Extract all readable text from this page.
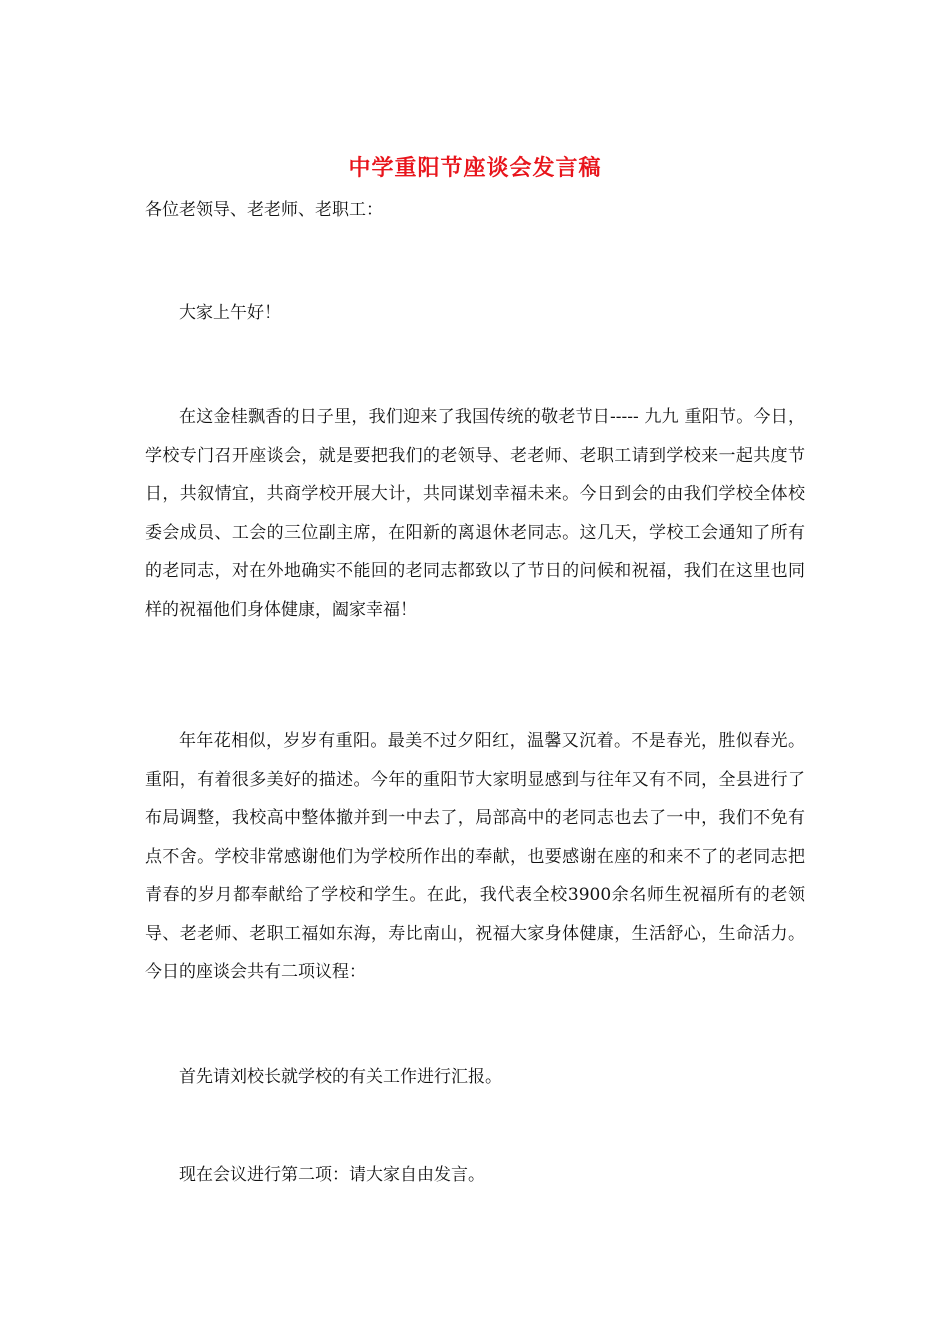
中学重阳节座谈会发言稿
各位老领导、老老师、老职工：

大家上午好！

在这金桂飘香的日子里，我们迎来了我国传统的敬老节日----- 九九 重阳节。今日，学校专门召开座谈会，就是要把我们的老领导、老老师、老职工请到学校来一起共度节日，共叙情宜，共商学校开展大计，共同谋划幸福未来。今日到会的由我们学校全体校委会成员、工会的三位副主席，在阳新的离退休老同志。这几天，学校工会通知了所有的老同志，对在外地确实不能回的老同志都致以了节日的问候和祝福，我们在这里也同样的祝福他们身体健康，阖家幸福！

年年花相似，岁岁有重阳。最美不过夕阳红，温馨又沉着。不是春光，胜似春光。重阳，有着很多美好的描述。今年的重阳节大家明显感到与往年又有不同，全县进行了布局调整，我校高中整体撤并到一中去了，局部高中的老同志也去了一中，我们不免有点不舍。学校非常感谢他们为学校所作出的奉献，也要感谢在座的和来不了的老同志把青春的岁月都奉献给了学校和学生。在此，我代表全校3900余名师生祝福所有的老领导、老老师、老职工福如东海，寿比南山，祝福大家身体健康，生活舒心，生命活力。今日的座谈会共有二项议程：

首先请刘校长就学校的有关工作进行汇报。

现在会议进行第二项：请大家自由发言。
